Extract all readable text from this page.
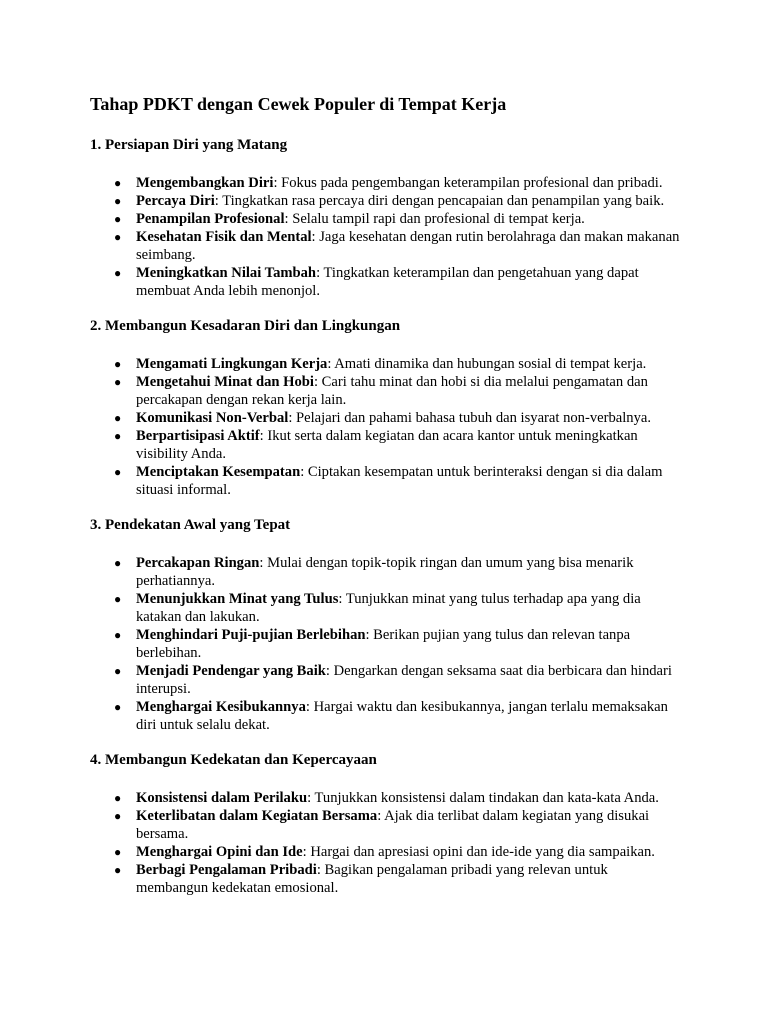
Tahap PDKT dengan Cewek Populer di Tempat Kerja
1. Persiapan Diri yang Matang
● Mengembangkan Diri: Fokus pada pengembangan keterampilan profesional dan pribadi.
● Percaya Diri: Tingkatkan rasa percaya diri dengan pencapaian dan penampilan yang baik.
● Penampilan Profesional: Selalu tampil rapi dan profesional di tempat kerja.
● Kesehatan Fisik dan Mental: Jaga kesehatan dengan rutin berolahraga dan makan makanan seimbang.
● Meningkatkan Nilai Tambah: Tingkatkan keterampilan dan pengetahuan yang dapat membuat Anda lebih menonjol.
2. Membangun Kesadaran Diri dan Lingkungan
● Mengamati Lingkungan Kerja: Amati dinamika dan hubungan sosial di tempat kerja.
● Mengetahui Minat dan Hobi: Cari tahu minat dan hobi si dia melalui pengamatan dan percakapan dengan rekan kerja lain.
● Komunikasi Non-Verbal: Pelajari dan pahami bahasa tubuh dan isyarat non-verbalnya.
● Berpartisipasi Aktif: Ikut serta dalam kegiatan dan acara kantor untuk meningkatkan visibility Anda.
● Menciptakan Kesempatan: Ciptakan kesempatan untuk berinteraksi dengan si dia dalam situasi informal.
3. Pendekatan Awal yang Tepat
● Percakapan Ringan: Mulai dengan topik-topik ringan dan umum yang bisa menarik perhatiannya.
● Menunjukkan Minat yang Tulus: Tunjukkan minat yang tulus terhadap apa yang dia katakan dan lakukan.
● Menghindari Puji-pujian Berlebihan: Berikan pujian yang tulus dan relevan tanpa berlebihan.
● Menjadi Pendengar yang Baik: Dengarkan dengan seksama saat dia berbicara dan hindari interupsi.
● Menghargai Kesibukannya: Hargai waktu dan kesibukannya, jangan terlalu memaksakan diri untuk selalu dekat.
4. Membangun Kedekatan dan Kepercayaan
● Konsistensi dalam Perilaku: Tunjukkan konsistensi dalam tindakan dan kata-kata Anda.
● Keterlibatan dalam Kegiatan Bersama: Ajak dia terlibat dalam kegiatan yang disukai bersama.
● Menghargai Opini dan Ide: Hargai dan apresiasi opini dan ide-ide yang dia sampaikan.
● Berbagi Pengalaman Pribadi: Bagikan pengalaman pribadi yang relevan untuk membangun kedekatan emosional.
